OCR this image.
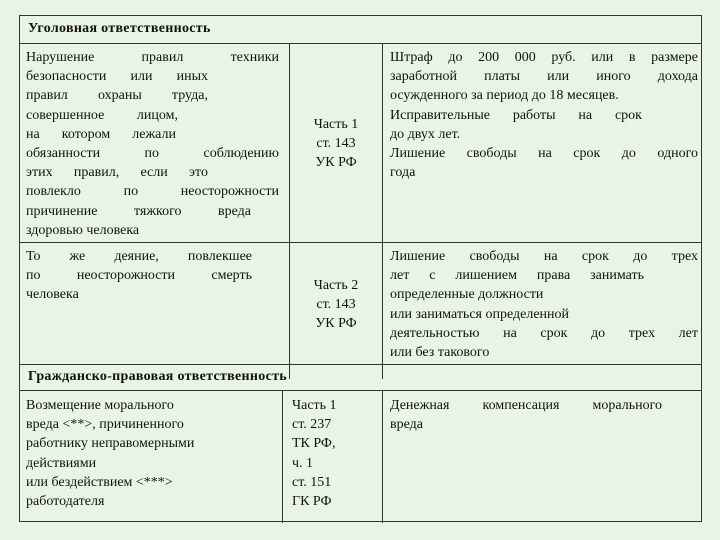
Уголовная ответственность
Нарушение правил техники
безопасности или иных
правил охраны труда,
совершенное лицом,
на котором лежали
обязанности по соблюдению
этих правил, если это
повлекло по неосторожности
причинение тяжкого вреда
здоровью человека
Часть 1
ст. 143
УК РФ
Штраф до 200 000 руб. или в размере
заработной платы или иного дохода
осужденного за период до 18 месяцев.
Исправительные работы на срок
до двух лет.
Лишение свободы на срок до одного
года
То же деяние, повлекшее
по неосторожности смерть
человека
Часть 2
ст. 143
УК РФ
Лишение свободы на срок до трех
лет с лишением права занимать
определенные должности
или заниматься определенной
деятельностью на срок до трех лет
или без такового
Гражданско-правовая ответственность
Возмещение морального
вреда <**>, причиненного
работнику неправомерными
действиями
или бездействием <***>
работодателя
Часть 1
ст. 237
ТК РФ,
ч. 1
ст. 151
ГК РФ
Денежная компенсация морального
вреда
